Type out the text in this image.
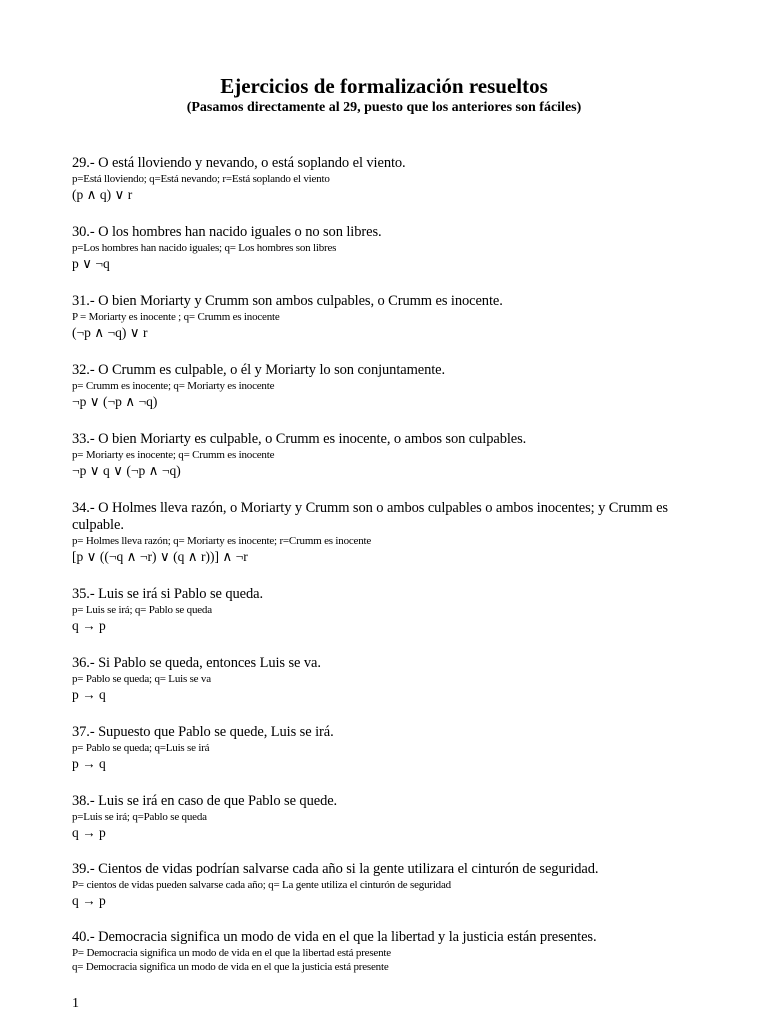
Ejercicios de formalización resueltos
(Pasamos directamente al 29, puesto que los anteriores son fáciles)
29.- O está lloviendo y nevando, o está soplando el viento.
p=Está lloviendo; q=Está nevando; r=Está soplando el viento
(p ∧ q) ∨ r
30.- O los hombres han nacido iguales o no son libres.
p=Los hombres han nacido iguales; q= Los hombres son libres
p ∨ ¬q
31.- O bien Moriarty y Crumm son ambos culpables, o Crumm es inocente.
P = Moriarty es inocente ; q= Crumm es inocente
(¬p ∧ ¬q) ∨ r
32.- O Crumm es culpable, o él y Moriarty lo son conjuntamente.
p= Crumm es inocente; q= Moriarty es inocente
¬p ∨ (¬p ∧ ¬q)
33.- O bien Moriarty es culpable, o Crumm es inocente, o ambos son culpables.
p= Moriarty es inocente; q= Crumm es inocente
¬p ∨ q ∨ (¬p ∧ ¬q)
34.- O Holmes lleva razón, o Moriarty y Crumm son o ambos culpables o ambos inocentes; y Crumm es culpable.
p= Holmes lleva razón; q= Moriarty es inocente; r=Crumm es inocente
[p ∨ ((¬q ∧ ¬r) ∨ (q ∧ r))] ∧ ¬r
35.- Luis se irá si Pablo se queda.
p= Luis se irá; q= Pablo se queda
q → p
36.- Si Pablo se queda, entonces Luis se va.
p= Pablo se queda; q= Luis se va
p → q
37.- Supuesto que Pablo se quede, Luis se irá.
p= Pablo se queda; q=Luis se irá
p → q
38.- Luis se irá en caso de que Pablo se quede.
p=Luis se irá; q=Pablo se queda
q → p
39.- Cientos de vidas podrían salvarse cada año si la gente utilizara el cinturón de seguridad.
P= cientos de vidas pueden salvarse cada año; q= La gente utiliza el cinturón de seguridad
q → p
40.- Democracia significa un modo de vida en el que la libertad y la justicia están presentes.
P= Democracia significa un modo de vida en el que la libertad está presente
q= Democracia significa un modo de vida en el que la justicia está presente
1
